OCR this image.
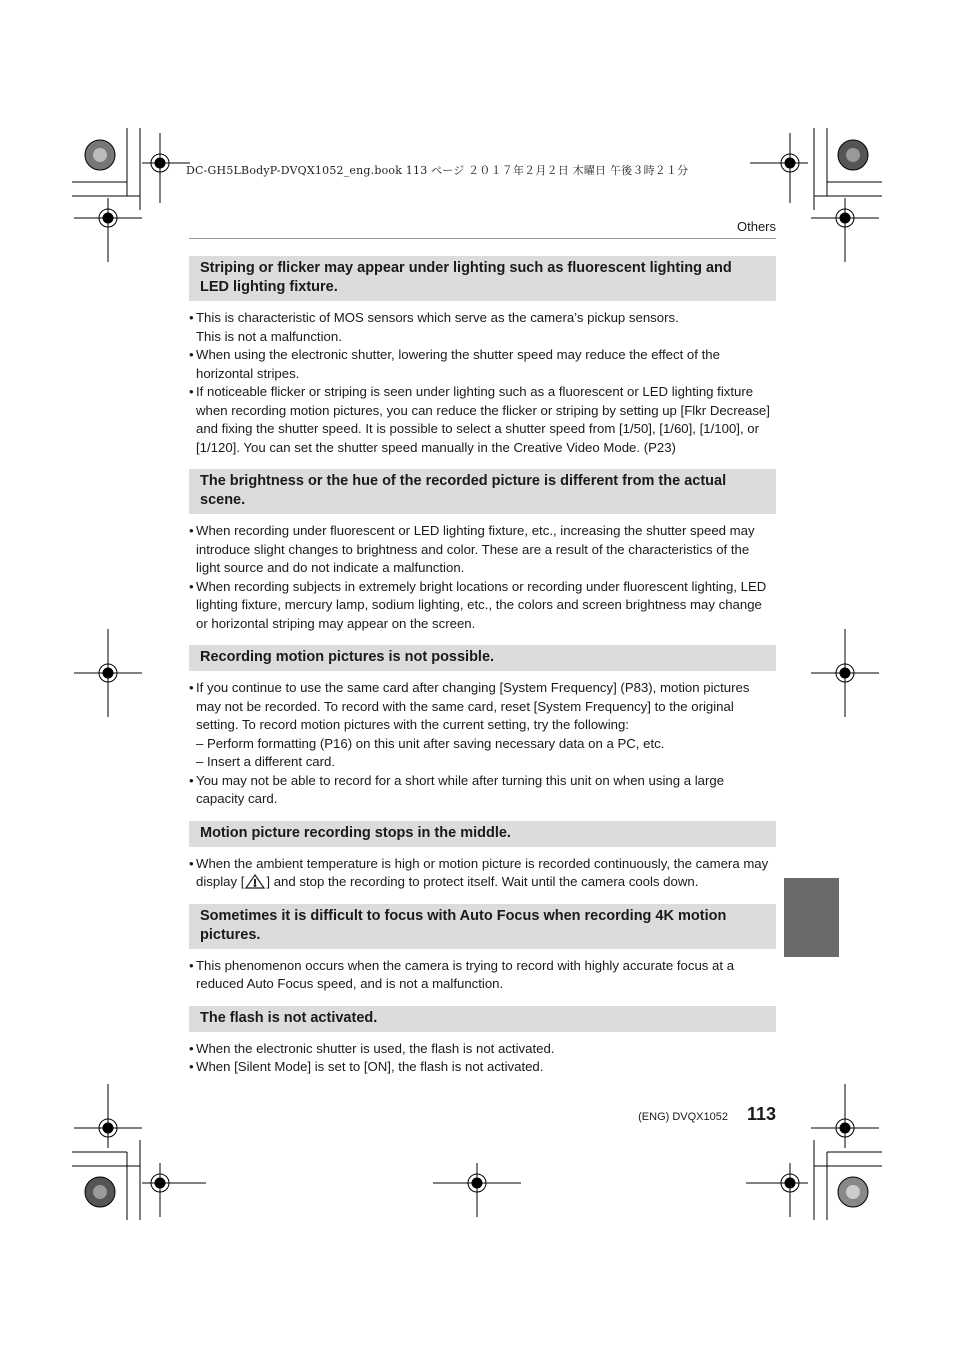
DC-GH5LBodyP-DVQX1052_eng.book 113 ページ ２０１７年２月２日 木曜日 午後３時２１分
Others
Striping or flicker may appear under lighting such as fluorescent lighting and LED lighting fixture.
• This is characteristic of MOS sensors which serve as the camera’s pickup sensors.
This is not a malfunction.
• When using the electronic shutter, lowering the shutter speed may reduce the effect of the horizontal stripes.
• If noticeable flicker or striping is seen under lighting such as a fluorescent or LED lighting fixture when recording motion pictures, you can reduce the flicker or striping by setting up [Flkr Decrease] and fixing the shutter speed. It is possible to select a shutter speed from [1/50], [1/60], [1/100], or [1/120]. You can set the shutter speed manually in the Creative Video Mode. (P23)
The brightness or the hue of the recorded picture is different from the actual scene.
• When recording under fluorescent or LED lighting fixture, etc., increasing the shutter speed may introduce slight changes to brightness and color. These are a result of the characteristics of the light source and do not indicate a malfunction.
• When recording subjects in extremely bright locations or recording under fluorescent lighting, LED lighting fixture, mercury lamp, sodium lighting, etc., the colors and screen brightness may change or horizontal striping may appear on the screen.
Recording motion pictures is not possible.
• If you continue to use the same card after changing [System Frequency] (P83), motion pictures may not be recorded. To record with the same card, reset [System Frequency] to the original setting. To record motion pictures with the current setting, try the following:
– Perform formatting (P16) on this unit after saving necessary data on a PC, etc.
– Insert a different card.
• You may not be able to record for a short while after turning this unit on when using a large capacity card.
Motion picture recording stops in the middle.
• When the ambient temperature is high or motion picture is recorded continuously, the camera may display [ ] and stop the recording to protect itself. Wait until the camera cools down.
Sometimes it is difficult to focus with Auto Focus when recording 4K motion pictures.
• This phenomenon occurs when the camera is trying to record with highly accurate focus at a reduced Auto Focus speed, and is not a malfunction.
The flash is not activated.
• When the electronic shutter is used, the flash is not activated.
• When [Silent Mode] is set to [ON], the flash is not activated.
(ENG) DVQX1052 113
